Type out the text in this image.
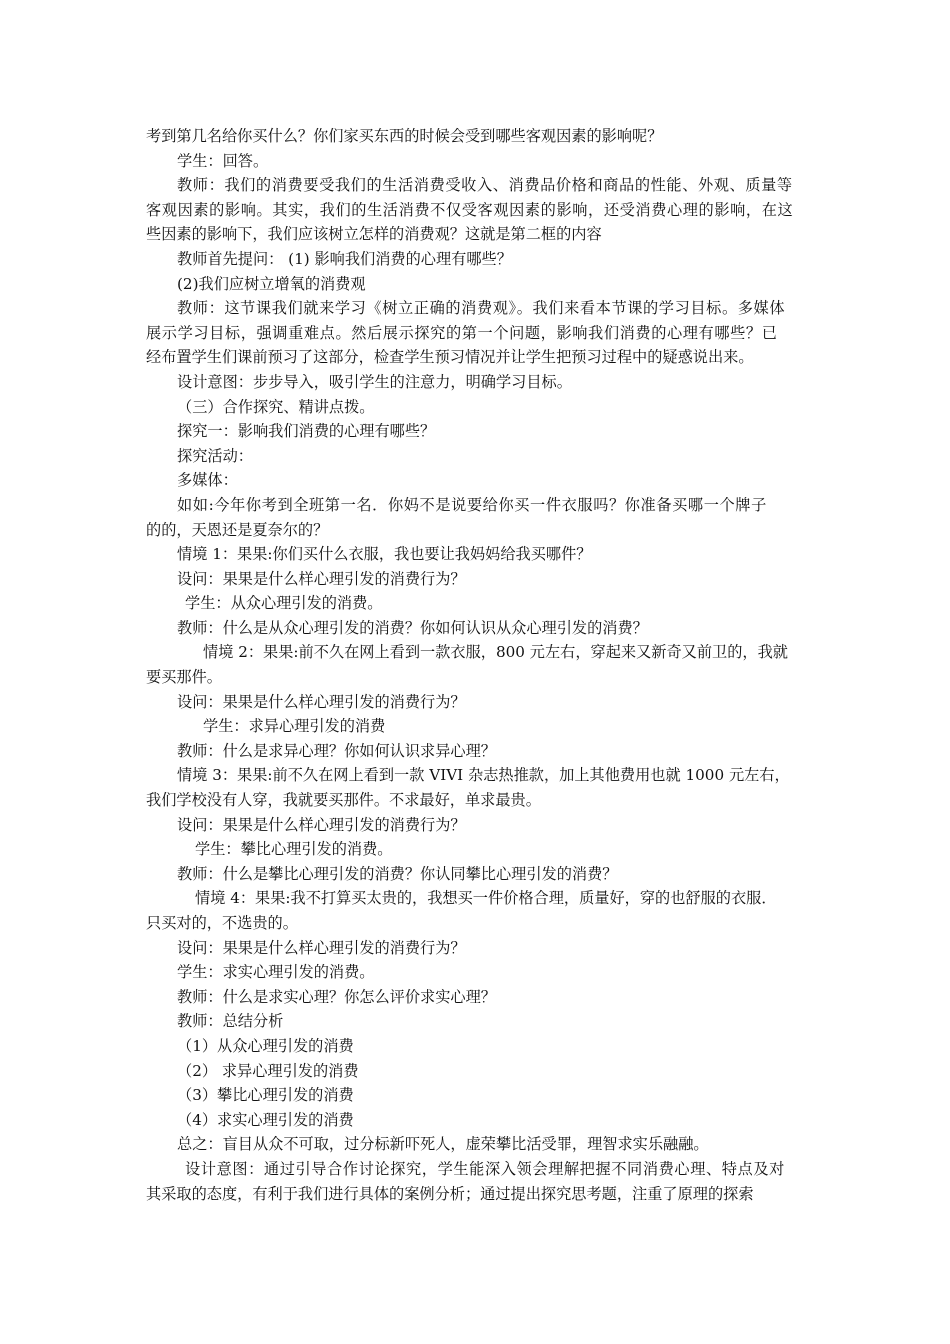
考到第几名给你买什么？你们家买东西的时候会受到哪些客观因素的影响呢？
学生：回答。
教师：我们的消费要受我们的生活消费受收入、消费品价格和商品的性能、外观、质量等
客观因素的影响。其实，我们的生活消费不仅受客观因素的影响，还受消费心理的影响，在这
些因素的影响下，我们应该树立怎样的消费观？这就是第二框的内容
教师首先提问： (1) 影响我们消费的心理有哪些？
(2)我们应树立增氧的消费观
教师：这节课我们就来学习《树立正确的消费观》。我们来看本节课的学习目标。多媒体
展示学习目标，强调重难点。然后展示探究的第一个问题，影响我们消费的心理有哪些？已
经布置学生们课前预习了这部分，检查学生预习情况并让学生把预习过程中的疑惑说出来。
设计意图：步步导入，吸引学生的注意力，明确学习目标。
（三）合作探究、精讲点拨。
探究一：影响我们消费的心理有哪些？
探究活动：
多媒体：
如如:今年你考到全班第一名．你妈不是说要给你买一件衣服吗？你准备买哪一个牌子
的的，天恩还是夏奈尔的？
情境 1：果果:你们买什么衣服，我也要让我妈妈给我买哪件？
设问：果果是什么样心理引发的消费行为？
学生：从众心理引发的消费。
教师：什么是从众心理引发的消费？你如何认识从众心理引发的消费？
情境 2：果果:前不久在网上看到一款衣服，800 元左右，穿起来又新奇又前卫的，我就
要买那件。
设问：果果是什么样心理引发的消费行为？
学生：求异心理引发的消费
教师：什么是求异心理？你如何认识求异心理？
情境 3：果果:前不久在网上看到一款 VIVI 杂志热推款，加上其他费用也就 1000 元左右，
我们学校没有人穿，我就要买那件。不求最好，单求最贵。
设问：果果是什么样心理引发的消费行为？
学生：攀比心理引发的消费。
教师：什么是攀比心理引发的消费？你认同攀比心理引发的消费？
情境 4：果果:我不打算买太贵的，我想买一件价格合理，质量好，穿的也舒服的衣服．
只买对的，不选贵的。
设问：果果是什么样心理引发的消费行为？
学生：求实心理引发的消费。
教师：什么是求实心理？你怎么评价求实心理？
教师：总结分析
（1）从众心理引发的消费
（2） 求异心理引发的消费
（3）攀比心理引发的消费
（4）求实心理引发的消费
总之：盲目从众不可取，过分标新吓死人，虚荣攀比活受罪，理智求实乐融融。
设计意图：通过引导合作讨论探究，学生能深入领会理解把握不同消费心理、特点及对
其采取的态度，有利于我们进行具体的案例分析；通过提出探究思考题，注重了原理的探索
